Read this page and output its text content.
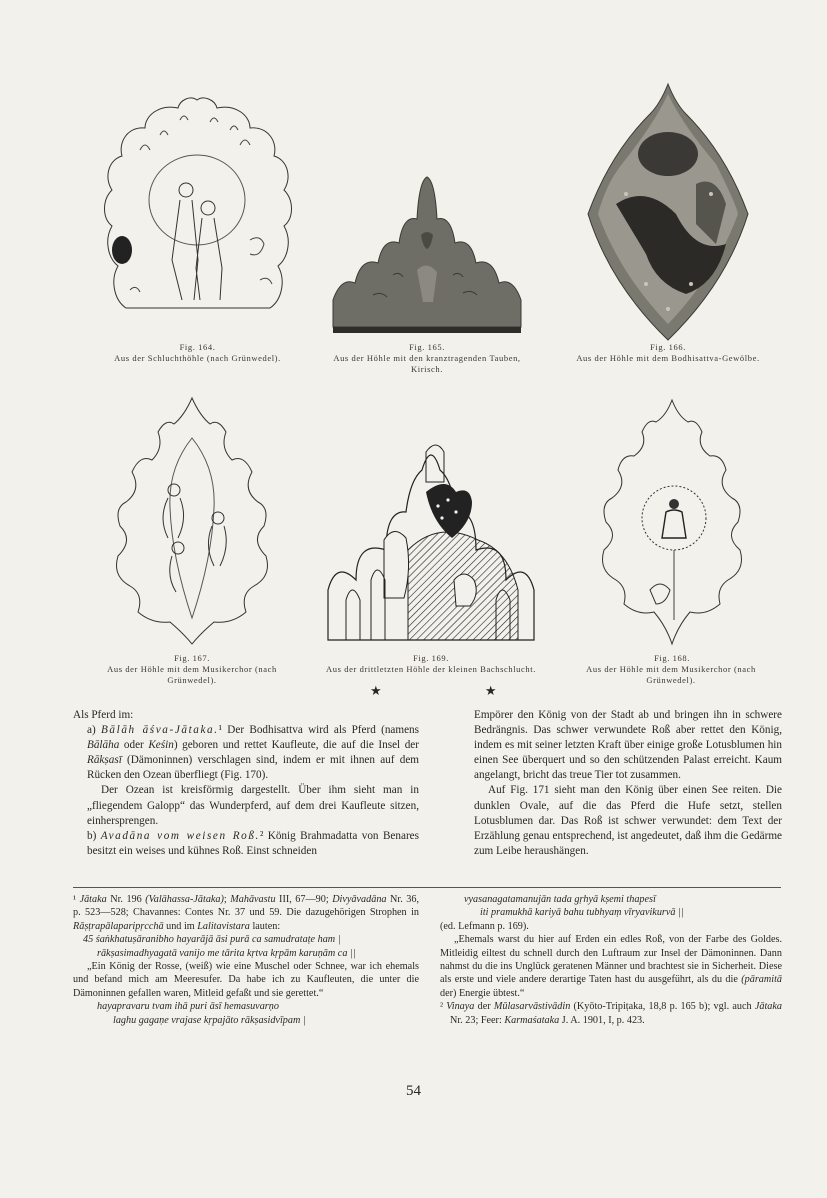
Fig. 164.
Aus der Schluchthöhle (nach Grünwedel).
Fig. 165.
Aus der Höhle mit den kranztragenden Tauben, Kirisch.
Fig. 166.
Aus der Höhle mit dem Bodhisattva-Gewölbe.
Fig. 167.
Aus der Höhle mit dem Musikerchor (nach Grünwedel).
Fig. 169.
Aus der drittletzten Höhle der kleinen Bachschlucht.
Fig. 168.
Aus der Höhle mit dem Musikerchor (nach Grünwedel).
★ ★

Als Pferd im:

a) Bālāh āśva-Jātaka.¹ Der Bodhisattva wird als Pferd (namens Bālāha oder Keśin) geboren und rettet Kaufleute, die auf die Insel der Rākṣasī (Dämoninnen) verschlagen sind, indem er mit ihnen auf dem Rücken den Ozean überfliegt (Fig. 170).

Der Ozean ist kreisförmig dargestellt. Über ihm sieht man in „fliegendem Galopp“ das Wunderpferd, auf dem drei Kaufleute sitzen, einhersprengen.

b) Avadāna vom weisen Roß.² König Brahmadatta von Benares besitzt ein weises und kühnes Roß. Einst schneiden

Empörer den König von der Stadt ab und bringen ihn in schwere Bedrängnis. Das schwer verwundete Roß aber rettet den König, indem es mit seiner letzten Kraft über einige große Lotusblumen hin einen See überquert und so den schützenden Palast erreicht. Kaum angelangt, bricht das treue Tier tot zusammen.

Auf Fig. 171 sieht man den König über einen See reiten. Die dunklen Ovale, auf die das Pferd die Hufe setzt, stellen Lotusblumen dar. Das Roß ist schwer verwundet: dem Text der Erzählung genau entsprechend, ist angedeutet, daß ihm die Gedärme zum Leibe heraushängen.

¹ Jātaka Nr. 196 (Valāhassa-Jātaka); Mahāvastu III, 67—90; Divyāvadāna Nr. 36, p. 523—528; Chavannes: Contes Nr. 37 und 59. Die dazugehörigen Strophen in Rāṣṭrapālaparipṛcchā und im Lalitavistara lauten:

45 śaṅkhatuṣāranibho hayarājā āsi purā ca samudrataṭe ham |

rākṣasimadhyagatā vanijo me tārita kṛtva kṛpām karuṇām ca ||

„Ein König der Rosse, (weiß) wie eine Muschel oder Schnee, war ich ehemals und befand mich am Meeresufer. Da habe ich zu Kaufleuten, die unter die Dämoninnen gefallen waren, Mitleid gefaßt und sie gerettet.“

hayapravaru tvam ihā puri āsī hemasuvarṇo

laghu gagaṇe vrajase kṛpajāto rākṣasidvīpam |

vyasanagatamanujān tada gṛhyā kṣemi thapesī

iti pramukhā kariyā bahu tubhyaṃ vīryavikurvā ||

(ed. Lefmann p. 169).

„Ehemals warst du hier auf Erden ein edles Roß, von der Farbe des Goldes. Mitleidig eiltest du schnell durch den Luftraum zur Insel der Dämoninnen. Dann nahmst du die ins Unglück geratenen Männer und brachtest sie in Sicherheit. Diese als erste und viele andere derartige Taten hast du ausgeführt, als du die (pāramitā der) Energie übtest.“

² Vinaya der Mūlasarvāstivādin (Kyōto-Tripiṭaka, 18,8 p. 165 b); vgl. auch Jātaka Nr. 23; Feer: Karmaśataka J. A. 1901, I, p. 423.

54
